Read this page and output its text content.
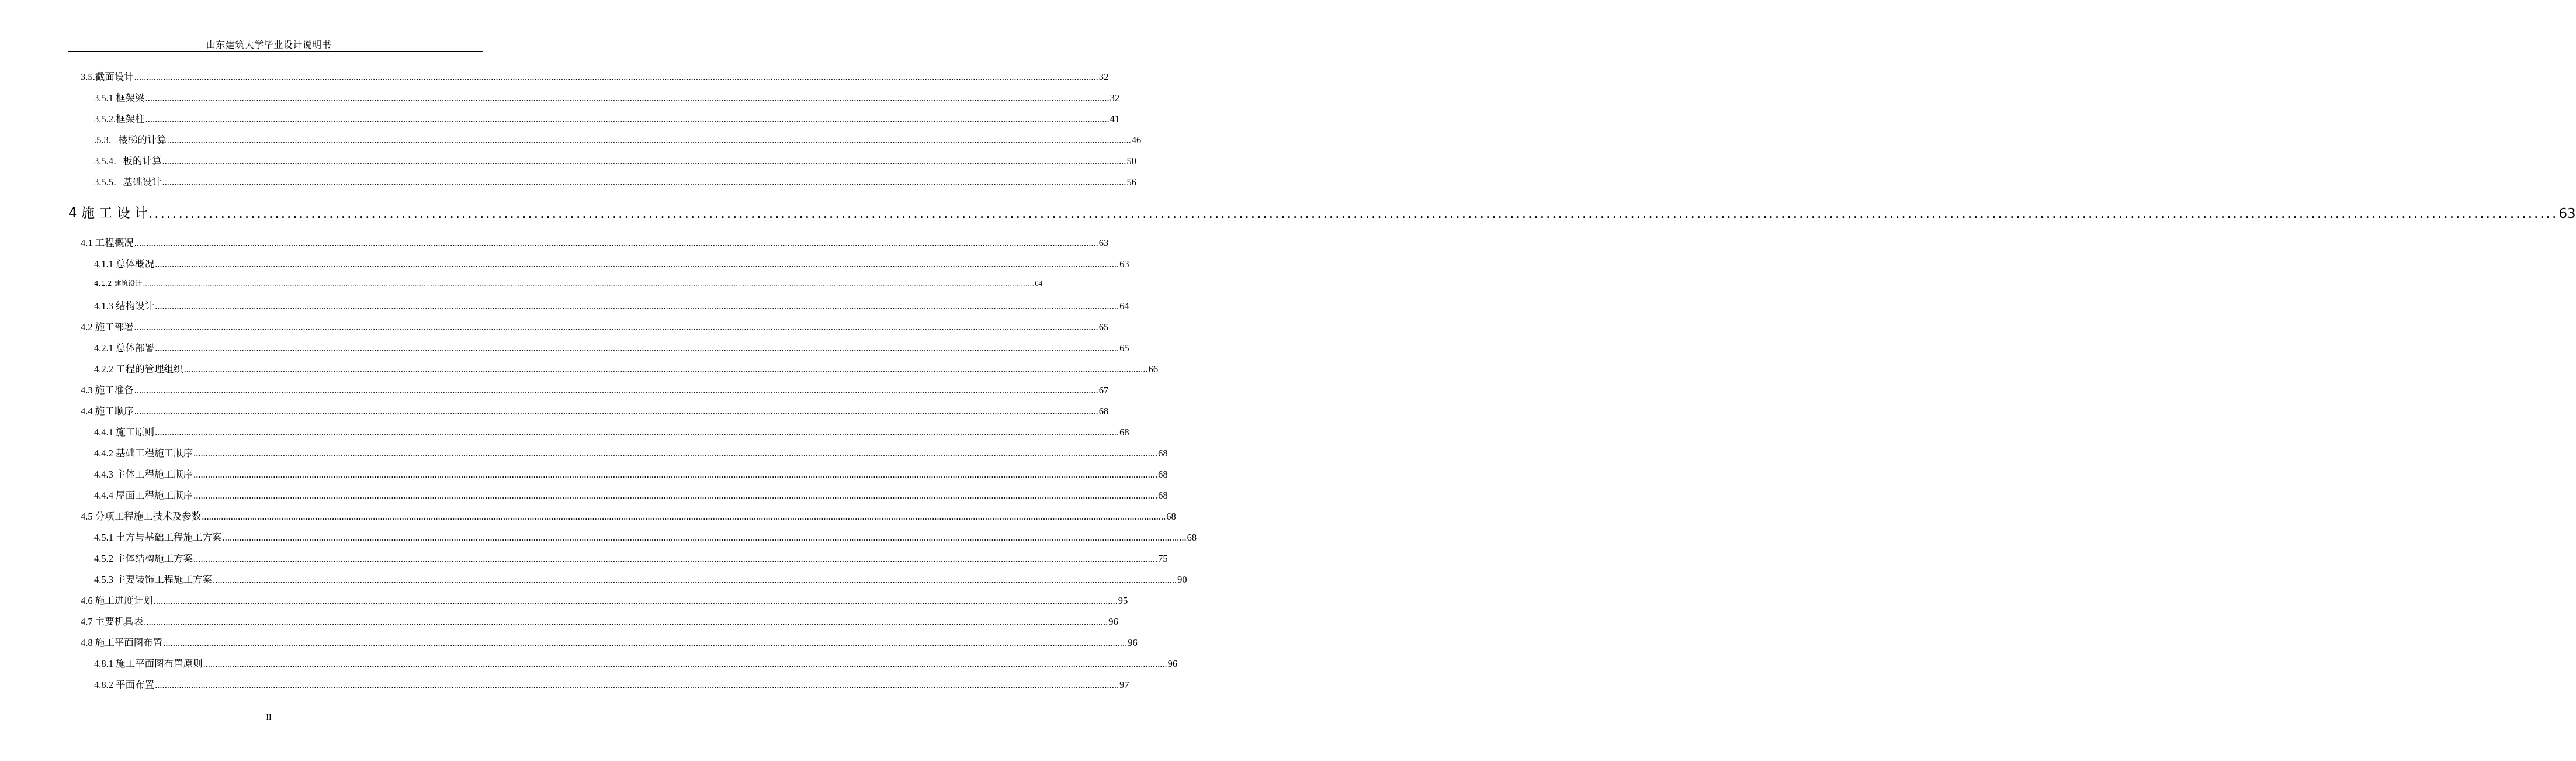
山东建筑大学毕业设计说明书
3.5.截面设计 ................................................................................................................................................................................................................................................................................................................................................................................................................ 32
3.5.1 框架梁 ................................................................................................................................................................................................................................................................................................................................................................................................................ 32
3.5.2.框架柱 ................................................................................................................................................................................................................................................................................................................................................................................................................ 41
.5.3．楼梯的计算 ................................................................................................................................................................................................................................................................................................................................................................................................................ 46
3.5.4．板的计算 ................................................................................................................................................................................................................................................................................................................................................................................................................ 50
3.5.5．基础设计 ................................................................................................................................................................................................................................................................................................................................................................................................................ 56
4 施 工 设 计 ................................................................................................................................................................................................................................................................................................................................................................................................................ 63
4.1 工程概况 ................................................................................................................................................................................................................................................................................................................................................................................................................ 63
4.1.1 总体概况 ................................................................................................................................................................................................................................................................................................................................................................................................................ 63
4.1.2 建筑设计 ................................................................................................................................................................................................................................................................................................................................................................................................................ 64
4.1.3 结构设计 ................................................................................................................................................................................................................................................................................................................................................................................................................ 64
4.2 施工部署 ................................................................................................................................................................................................................................................................................................................................................................................................................ 65
4.2.1 总体部署 ................................................................................................................................................................................................................................................................................................................................................................................................................ 65
4.2.2 工程的管理组织 ................................................................................................................................................................................................................................................................................................................................................................................................................ 66
4.3 施工准备 ................................................................................................................................................................................................................................................................................................................................................................................................................ 67
4.4 施工顺序 ................................................................................................................................................................................................................................................................................................................................................................................................................ 68
4.4.1 施工原则 ................................................................................................................................................................................................................................................................................................................................................................................................................ 68
4.4.2 基础工程施工顺序 ................................................................................................................................................................................................................................................................................................................................................................................................................ 68
4.4.3 主体工程施工顺序 ................................................................................................................................................................................................................................................................................................................................................................................................................ 68
4.4.4 屋面工程施工顺序 ................................................................................................................................................................................................................................................................................................................................................................................................................ 68
4.5 分项工程施工技术及参数 ................................................................................................................................................................................................................................................................................................................................................................................................................ 68
4.5.1 土方与基础工程施工方案 ................................................................................................................................................................................................................................................................................................................................................................................................................ 68
4.5.2 主体结构施工方案 ................................................................................................................................................................................................................................................................................................................................................................................................................ 75
4.5.3 主要装饰工程施工方案 ................................................................................................................................................................................................................................................................................................................................................................................................................ 90
4.6 施工进度计划 ................................................................................................................................................................................................................................................................................................................................................................................................................ 95
4.7 主要机具表 ................................................................................................................................................................................................................................................................................................................................................................................................................ 96
4.8 施工平面图布置 ................................................................................................................................................................................................................................................................................................................................................................................................................ 96
4.8.1 施工平面图布置原则 ................................................................................................................................................................................................................................................................................................................................................................................................................ 96
4.8.2 平面布置 ................................................................................................................................................................................................................................................................................................................................................................................................................ 97
II
